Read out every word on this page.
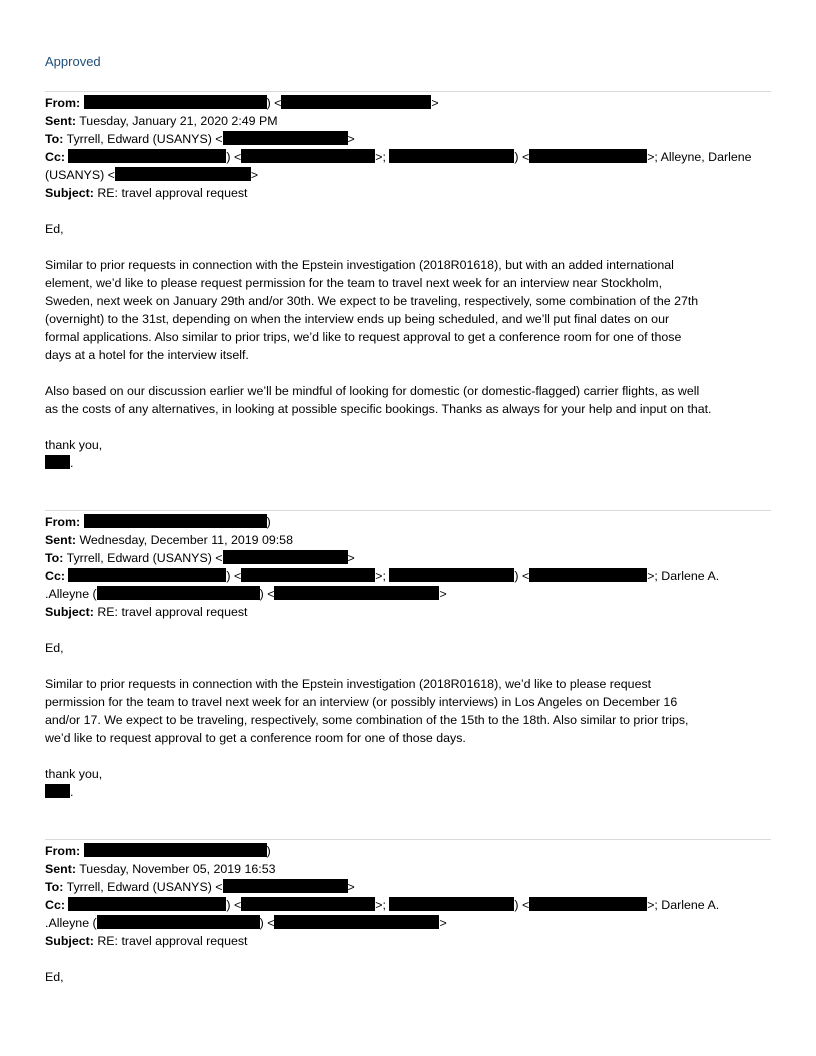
Approved
From:	) <	>
Sent: Tuesday, January 21, 2020 2:49 PM
To: Tyrrell, Edward (USANYS) <	>
Cc:	) <	>;	) <	>; Alleyne, Darlene
(USANYS) <	>
Subject: RE: travel approval request
Ed,
Similar to prior requests in connection with the Epstein investigation (2018R01618), but with an added international
element, we’d like to please request permission for the team to travel next week for an interview near Stockholm,
Sweden, next week on January 29th and/or 30th. We expect to be traveling, respectively, some combination of the 27th
(overnight) to the 31st, depending on when the interview ends up being scheduled, and we’ll put final dates on our
formal applications. Also similar to prior trips, we’d like to request approval to get a conference room for one of those
days at a hotel for the interview itself.
Also based on our discussion earlier we’ll be mindful of looking for domestic (or domestic-flagged) carrier flights, as well
as the costs of any alternatives, in looking at possible specific bookings. Thanks as always for your help and input on that.
thank you,
.
From:	)
Sent: Wednesday, December 11, 2019 09:58
To: Tyrrell, Edward (USANYS) <	>
Cc:	) <	>;	) <	>; Darlene A.
.Alleyne (	) <	>
Subject: RE: travel approval request
Ed,
Similar to prior requests in connection with the Epstein investigation (2018R01618), we’d like to please request
permission for the team to travel next week for an interview (or possibly interviews) in Los Angeles on December 16
and/or 17. We expect to be traveling, respectively, some combination of the 15th to the 18th. Also similar to prior trips,
we’d like to request approval to get a conference room for one of those days.
thank you,
.
From:	)
Sent: Tuesday, November 05, 2019 16:53
To: Tyrrell, Edward (USANYS) <	>
Cc:	) <	>;	) <	>; Darlene A.
.Alleyne (	) <	>
Subject: RE: travel approval request
Ed,
